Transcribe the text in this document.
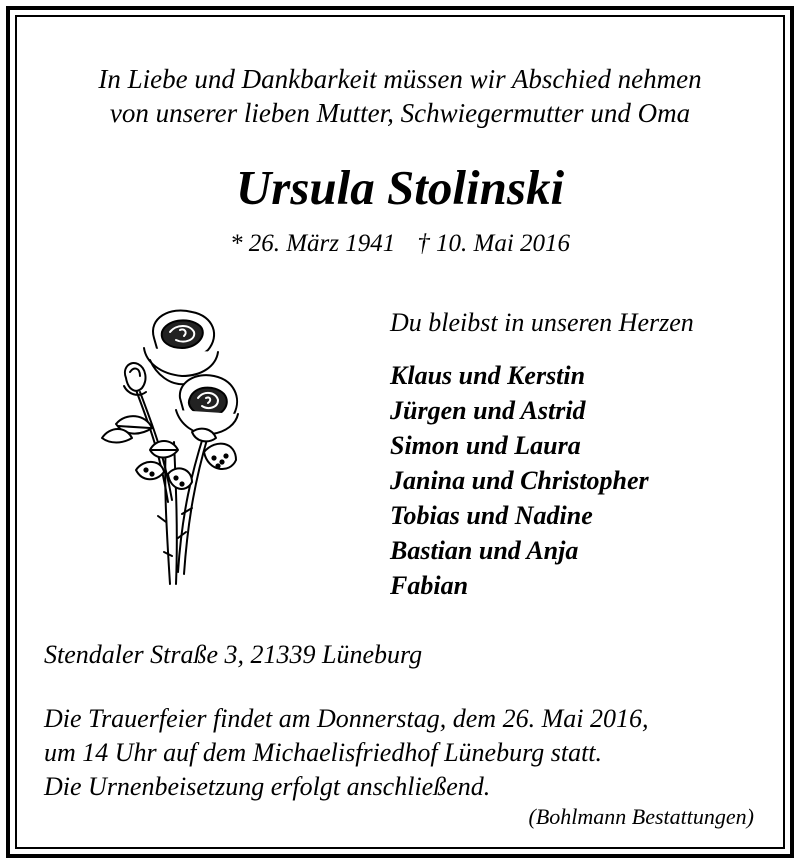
In Liebe und Dankbarkeit müssen wir Abschied nehmen
von unserer lieben Mutter, Schwiegermutter und Oma
Ursula Stolinski
* 26. März 1941 † 10. Mai 2016
Du bleibst in unseren Herzen
Klaus und Kerstin
Jürgen und Astrid
Simon und Laura
Janina und Christopher
Tobias und Nadine
Bastian und Anja
Fabian
Stendaler Straße 3, 21339 Lüneburg
Die Trauerfeier findet am Donnerstag, dem 26. Mai 2016,
um 14 Uhr auf dem Michaelisfriedhof Lüneburg statt.
Die Urnenbeisetzung erfolgt anschließend.
(Bohlmann Bestattungen)
